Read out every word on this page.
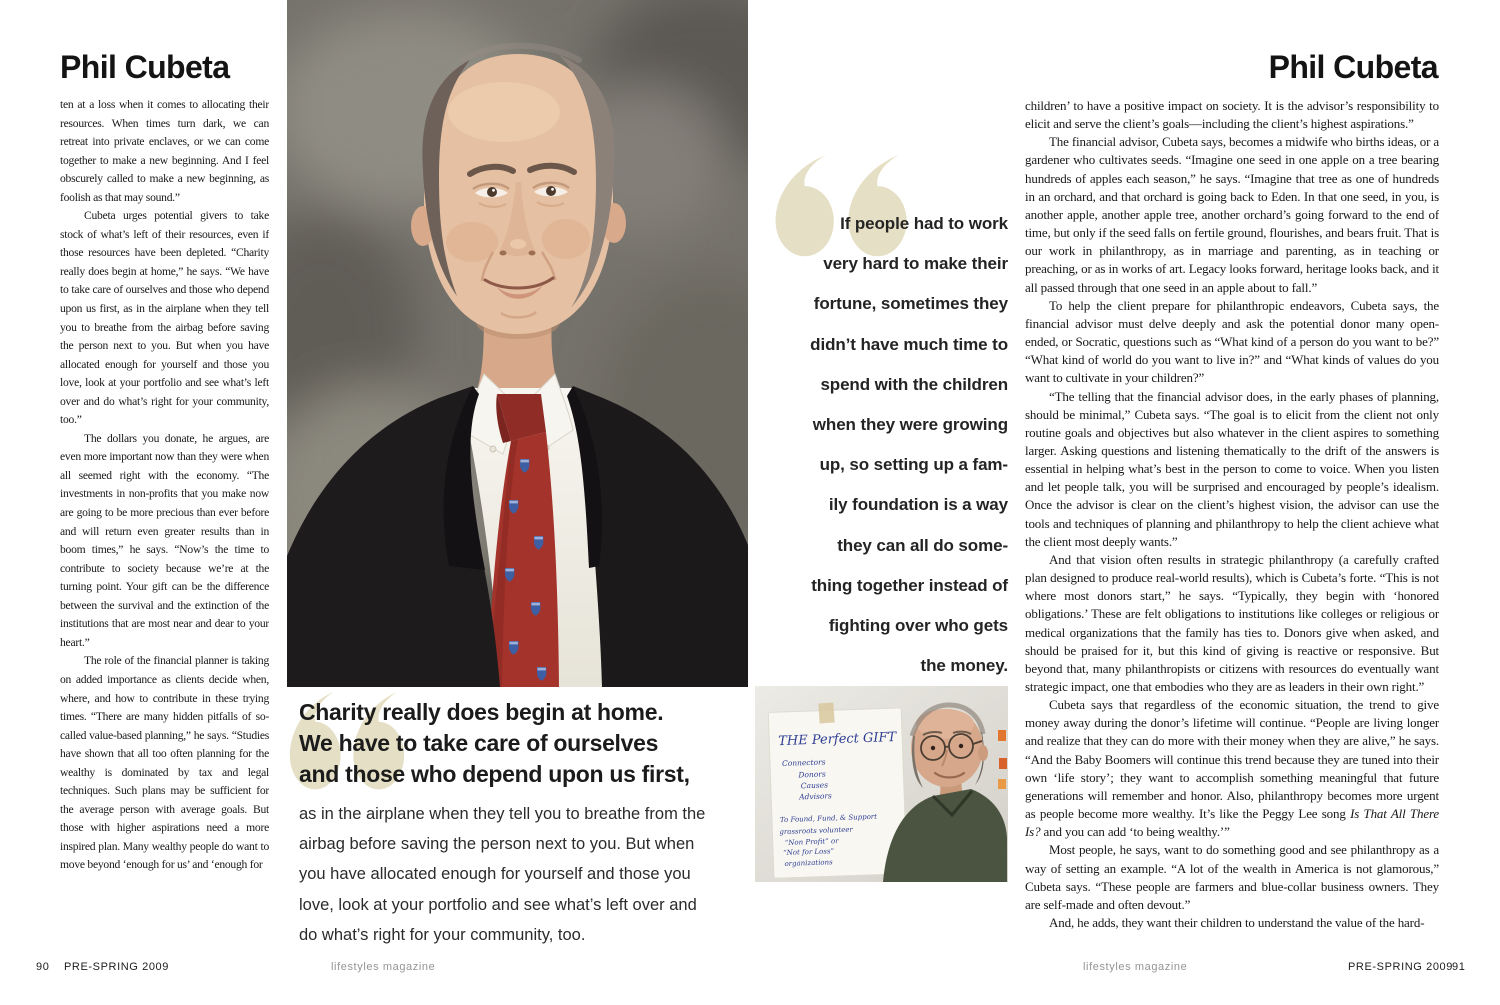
Phil Cubeta	Phil Cubeta
ten at a loss when it comes to allocating their resources. When times turn dark, we can retreat into private enclaves, or we can come together to make a new beginning. And I feel obscurely called to make a new beginning, as foolish as that may sound.”
Cubeta urges potential givers to take stock of what’s left of their resources, even if those resources have been depleted. “Charity really does begin at home,” he says. “We have to take care of ourselves and those who depend upon us first, as in the airplane when they tell you to breathe from the airbag before saving the person next to you. But when you have allocated enough for yourself and those you love, look at your portfolio and see what’s left over and do what’s right for your community, too.”
The dollars you donate, he argues, are even more important now than they were when all seemed right with the economy. “The investments in non-profits that you make now are going to be more precious than ever before and will return even greater results than in boom times,” he says. “Now’s the time to contribute to society because we’re at the turning point. Your gift can be the difference between the survival and the extinction of the institutions that are most near and dear to your heart.”
The role of the financial planner is taking on added importance as clients decide when, where, and how to contribute in these trying times. “There are many hidden pitfalls of so-called value-based planning,” he says. “Studies have shown that all too often planning for the wealthy is dominated by tax and legal techniques. Such plans may be sufficient for the average person with average goals. But those with higher aspirations need a more inspired plan. Many wealthy people do want to move beyond ‘enough for us’ and ‘enough for
Charity really does begin at home.
We have to take care of ourselves
and those who depend upon us first,
as in the airplane when they tell you to breathe from the
airbag before saving the person next to you. But when
you have allocated enough for yourself and those you
love, look at your portfolio and see what’s left over and
do what’s right for your community, too.
If people had to work
very hard to make their
fortune, sometimes they
didn’t have much time to
spend with the children
when they were growing
up, so setting up a fam-
ily foundation is a way
they can all do some-
thing together instead of
fighting over who gets
the money.
THE Perfect GIFT
Connectors
Donors
Causes
Advisors
To Found, Fund, & Support
grassroots volunteer
“Non Profit” or
“Not for Loss”
organizations
children’ to have a positive impact on society. It is the advisor’s responsibility to elicit and serve the client’s goals—including the client’s highest aspirations.”
The financial advisor, Cubeta says, becomes a midwife who births ideas, or a gardener who cultivates seeds. “Imagine one seed in one apple on a tree bearing hundreds of apples each season,” he says. “Imagine that tree as one of hundreds in an orchard, and that orchard is going back to Eden. In that one seed, in you, is another apple, another apple tree, another orchard’s going forward to the end of time, but only if the seed falls on fertile ground, flourishes, and bears fruit. That is our work in philanthropy, as in marriage and parenting, as in teaching or preaching, or as in works of art. Legacy looks forward, heritage looks back, and it all passed through that one seed in an apple about to fall.”
To help the client prepare for philanthropic endeavors, Cubeta says, the financial advisor must delve deeply and ask the potential donor many open-ended, or Socratic, questions such as “What kind of a person do you want to be?” “What kind of world do you want to live in?” and “What kinds of values do you want to cultivate in your children?”
“The telling that the financial advisor does, in the early phases of planning, should be minimal,” Cubeta says. “The goal is to elicit from the client not only routine goals and objectives but also whatever in the client aspires to something larger. Asking questions and listening thematically to the drift of the answers is essential in helping what’s best in the person to come to voice. When you listen and let people talk, you will be surprised and encouraged by people’s idealism. Once the advisor is clear on the client’s highest vision, the advisor can use the tools and techniques of planning and philanthropy to help the client achieve what the client most deeply wants.”
And that vision often results in strategic philanthropy (a carefully crafted plan designed to produce real-world results), which is Cubeta’s forte. “This is not where most donors start,” he says. “Typically, they begin with ‘honored obligations.’ These are felt obligations to institutions like colleges or religious or medical organizations that the family has ties to. Donors give when asked, and should be praised for it, but this kind of giving is reactive or responsive. But beyond that, many philanthropists or citizens with resources do eventually want strategic impact, one that embodies who they are as leaders in their own right.”
Cubeta says that regardless of the economic situation, the trend to give money away during the donor’s lifetime will continue. “People are living longer and realize that they can do more with their money when they are alive,” he says. “And the Baby Boomers will continue this trend because they are tuned into their own ‘life story’; they want to accomplish something meaningful that future generations will remember and honor. Also, philanthropy becomes more urgent as people become more wealthy. It’s like the Peggy Lee song Is That All There Is? and you can add ‘to being wealthy.’”
Most people, he says, want to do something good and see philanthropy as a way of setting an example. “A lot of the wealth in America is not glamorous,” Cubeta says. “These people are farmers and blue-collar business owners. They are self-made and often devout.”
And, he adds, they want their children to understand the value of the hard-
90 PRE-SPRING 2009	lifestyles magazine	lifestyles magazine	PRE-SPRING 2009 91
